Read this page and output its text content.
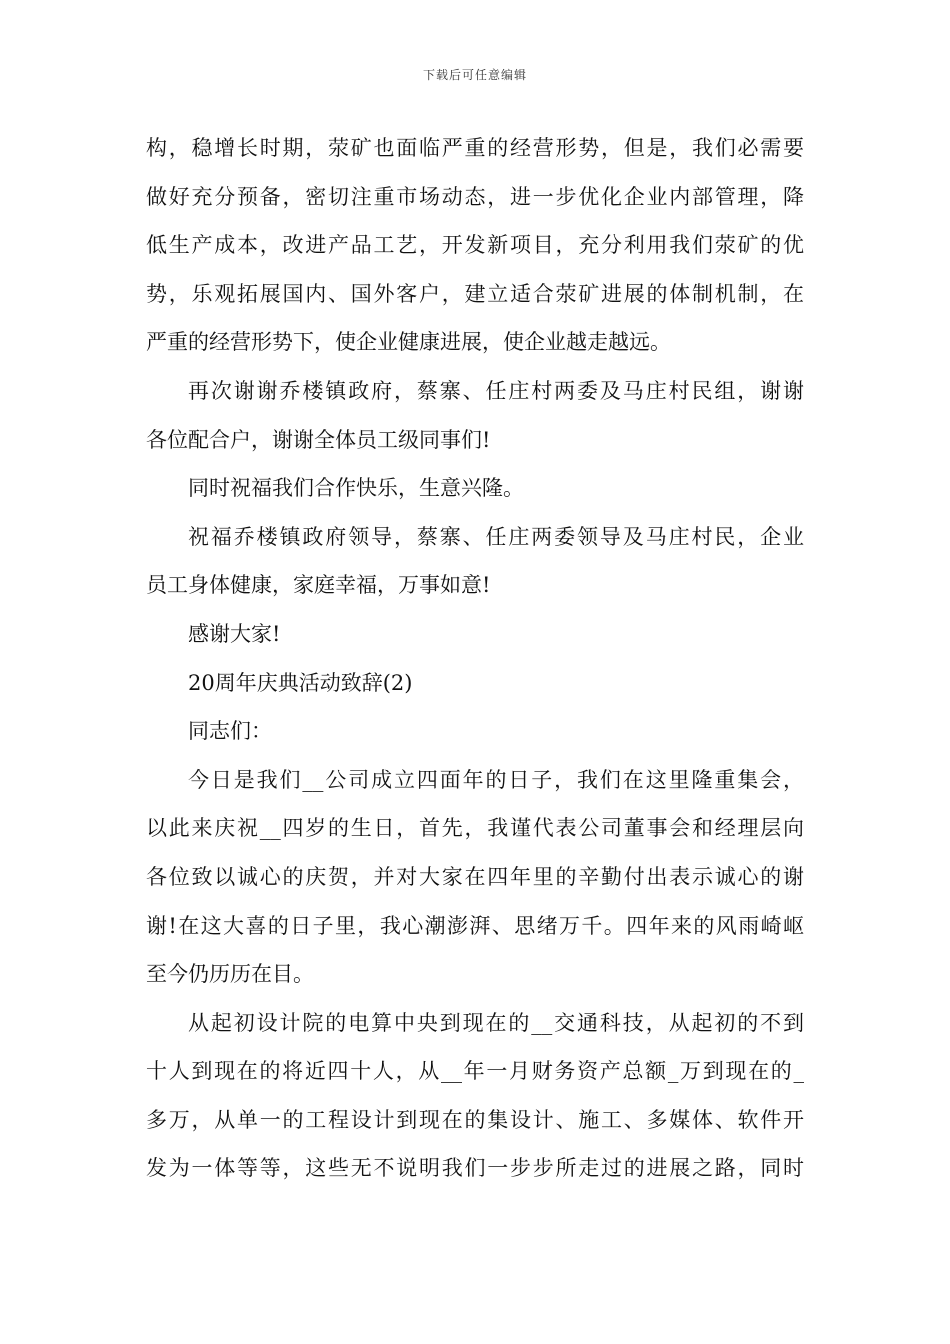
下载后可任意编辑

构，稳增长时期，荥矿也面临严重的经营形势，但是，我们必需要
做好充分预备，密切注重市场动态，进一步优化企业内部管理，降
低生产成本，改进产品工艺，开发新项目，充分利用我们荥矿的优
势，乐观拓展国内、国外客户，建立适合荥矿进展的体制机制，在
严重的经营形势下，使企业健康进展，使企业越走越远。

再次谢谢乔楼镇政府，蔡寨、任庄村两委及马庄村民组，谢谢
各位配合户，谢谢全体员工级同事们!

同时祝福我们合作快乐，生意兴隆。

祝福乔楼镇政府领导，蔡寨、任庄两委领导及马庄村民，企业
员工身体健康，家庭幸福，万事如意!

感谢大家!

20周年庆典活动致辞(2)

同志们：

今日是我们__公司成立四面年的日子，我们在这里隆重集会，
以此来庆祝__四岁的生日，首先，我谨代表公司董事会和经理层向
各位致以诚心的庆贺，并对大家在四年里的辛勤付出表示诚心的谢
谢!在这大喜的日子里，我心潮澎湃、思绪万千。四年来的风雨崎岖
至今仍历历在目。

从起初设计院的电算中央到现在的__交通科技，从起初的不到
十人到现在的将近四十人，从__年一月财务资产总额_万到现在的_
多万，从单一的工程设计到现在的集设计、施工、多媒体、软件开
发为一体等等，这些无不说明我们一步步所走过的进展之路，同时
